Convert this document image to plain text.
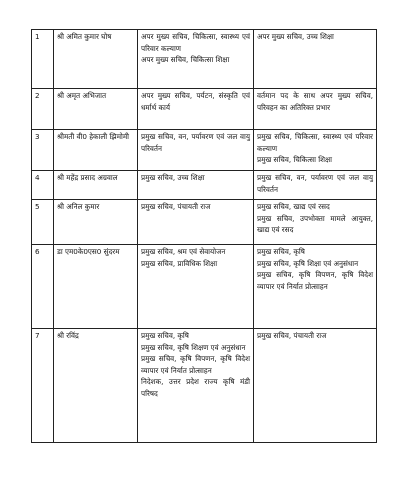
1	श्री अमित कुमार घोष	अपर मुख्य सचिव, चिकित्सा, स्वास्थ्य एवं परिवार कल्याण
अपर मुख्य सचिव, चिकित्सा शिक्षा	अपर मुख्य सचिव, उच्च शिक्षा
2	श्री अमृत अभिजात	अपर मुख्य सचिव, पर्यटन, संस्कृति एवं धर्मार्थ कार्य	वर्तमान पद के साथ अपर मुख्य सचिव, परिवहन का अतिरिक्त प्रभार
3	श्रीमती वी0 हेकाली झिमोमी	प्रमुख सचिव, वन, पर्यावरण एवं जल वायु परिवर्तन	प्रमुख सचिव, चिकित्सा, स्वास्थ्य एवं परिवार कल्याण
प्रमुख सचिव, चिकित्सा शिक्षा
4	श्री महेंद्र प्रसाद अग्रवाल	प्रमुख सचिव, उच्च शिक्षा	प्रमुख सचिव, वन, पर्यावरण एवं जल वायु परिवर्तन
5	श्री अनिल कुमार	प्रमुख सचिव, पंचायती राज	प्रमुख सचिव, खाद्य एवं रसद
प्रमुख सचिव, उपभोक्ता मामले आयुक्त, खाद्य एवं रसद
6	डा एम0के0एस0 सुंदरम	प्रमुख सचिव, श्रम एवं सेवायोजन
प्रमुख सचिव, प्राविधिक शिक्षा	प्रमुख सचिव, कृषि
प्रमुख सचिव, कृषि शिक्षा एवं अनुसंधान
प्रमुख सचिव, कृषि विपणन, कृषि विदेश व्यापार एवं निर्यात प्रोत्साहन
7	श्री रविंद्र	प्रमुख सचिव, कृषि
प्रमुख सचिव, कृषि शिक्षण एवं अनुसंधान
प्रमुख सचिव, कृषि विपणन, कृषि विदेश व्यापार एवं निर्यात प्रोत्साहन
निदेशक, उत्तर प्रदेश राज्य कृषि मंडी परिषद	प्रमुख सचिव, पंचायती राज
